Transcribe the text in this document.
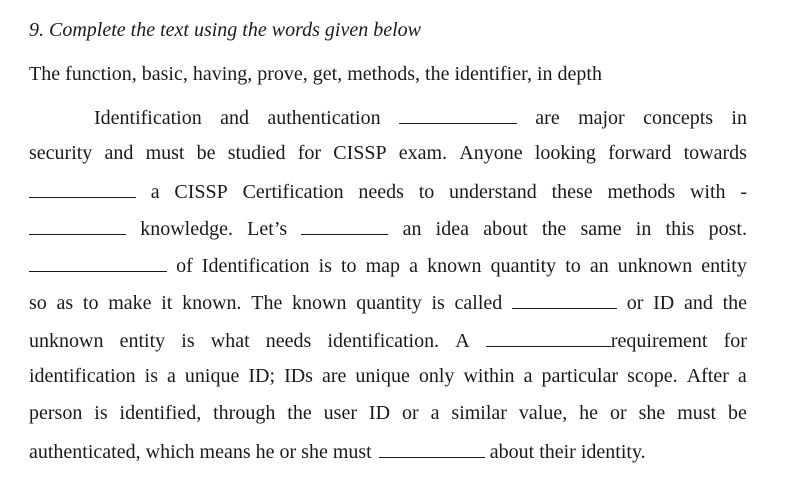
9. Complete the text using the words given below
The function, basic, having, prove, get, methods, the identifier, in depth
Identification and authentication	are major concepts in
security and must be studied for CISSP exam. Anyone looking forward towards
a CISSP Certification needs to understand these methods with -
knowledge. Let’s	an idea about the same in this post.
of Identification is to map a known quantity to an unknown entity
so as to make it known. The known quantity is called	or ID and the
unknown entity is what needs identification. A	requirement for
identification is a unique ID; IDs are unique only within a particular scope. After a
person is identified, through the user ID or a similar value, he or she must be
authenticated, which means he or she must	about their identity.
